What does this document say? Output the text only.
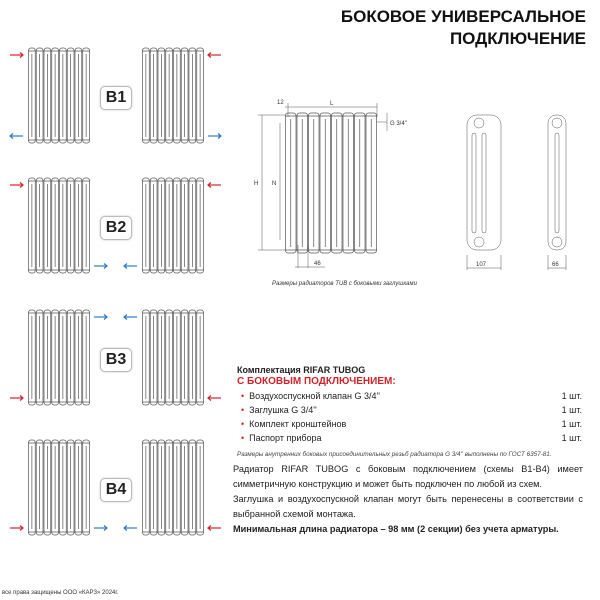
БОКОВОЕ УНИВЕРСАЛЬНОЕ
ПОДКЛЮЧЕНИЕ
B1
B2
B3
B4
12	L
G 3/4''
H N
46	107	66
Размеры радиаторов TUB с боковыми заглушками
Комплектация RIFAR TUBOG
С БОКОВЫМ ПОДКЛЮЧЕНИЕМ:
• Воздухоспускной клапан G 3/4''	1 шт.
• Заглушка G 3/4''	1 шт.
• Комплект кронштейнов	1 шт.
• Паспорт прибора	1 шт.
Размеры внутренних боковых присоединительных резьб радиатора G 3/4'' выполнены по ГОСТ 6357-81.
Радиатор RIFAR TUBOG с боковым подключением (схемы B1-B4) имеет симметричную конструкцию и может быть подключен по любой из схем.
Заглушка и воздухоспускной клапан могут быть перенесены в соответствии с выбранной схемой монтажа.
Минимальная длина радиатора – 98 мм (2 секции) без учета арматуры.
все права защищены ООО «КАРЗ» 2024г.
